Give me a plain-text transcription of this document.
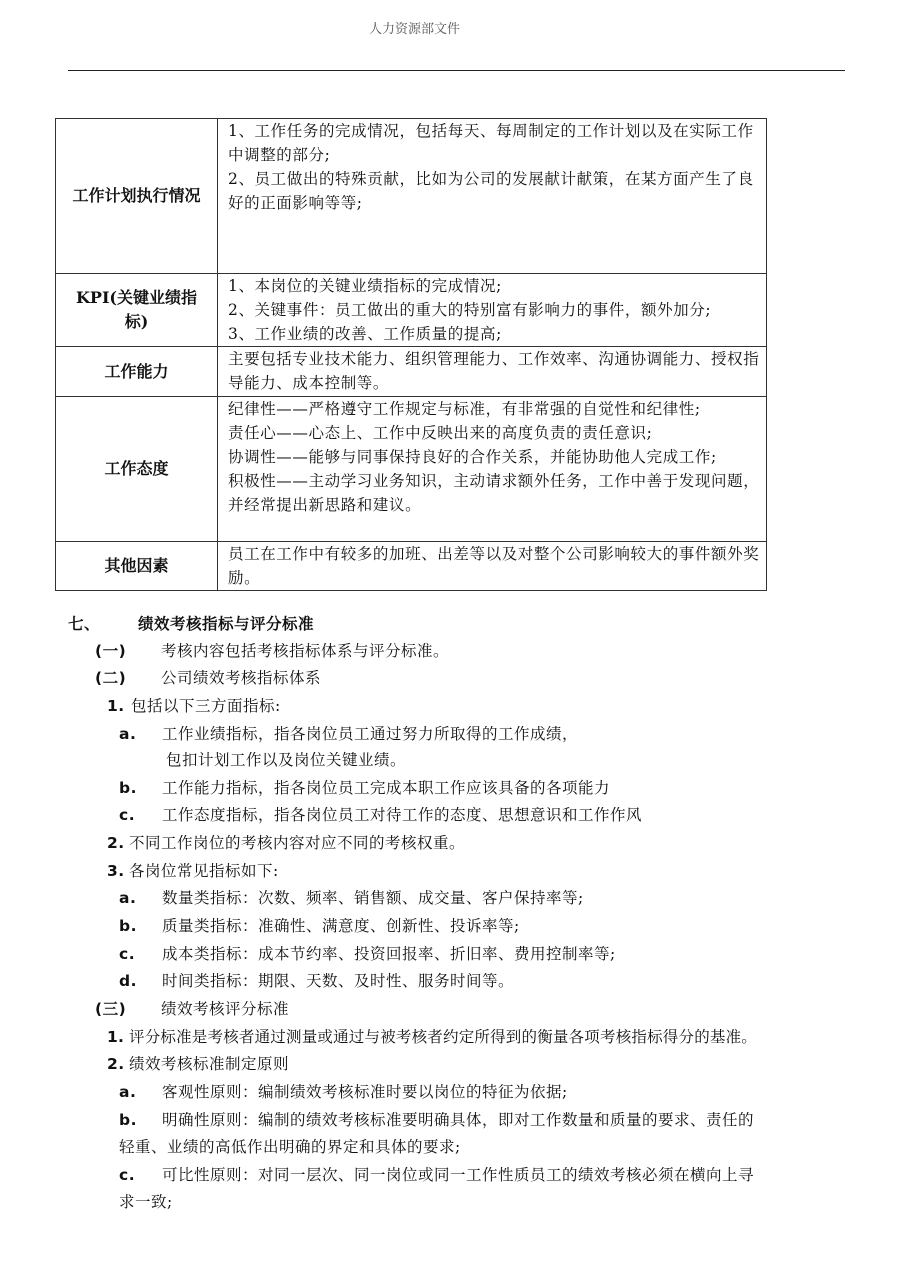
人力资源部文件
工作计划执行情况	1、工作任务的完成情况，包括每天、每周制定的工作计划以及在实际工作中调整的部分;
2、员工做出的特殊贡献，比如为公司的发展献计献策，在某方面产生了良好的正面影响等等;

KPI(关键业绩指标)	1、本岗位的关键业绩指标的完成情况;
2、关键事件：员工做出的重大的特别富有影响力的事件，额外加分;
3、工作业绩的改善、工作质量的提高;

工作能力	主要包括专业技术能力、组织管理能力、工作效率、沟通协调能力、授权指导能力、成本控制等。

工作态度	纪律性——严格遵守工作规定与标准，有非常强的自觉性和纪律性;
责任心——心态上、工作中反映出来的高度负责的责任意识;
协调性——能够与同事保持良好的合作关系，并能协助他人完成工作;
积极性——主动学习业务知识，主动请求额外任务，工作中善于发现问题，并经常提出新思路和建议。

其他因素	员工在工作中有较多的加班、出差等以及对整个公司影响较大的事件额外奖励。
七、 绩效考核指标与评分标准
(一) 考核内容包括考核指标体系与评分标准。
(二) 公司绩效考核指标体系
1. 包括以下三方面指标:
a. 工作业绩指标，指各岗位员工通过努力所取得的工作成绩，
包扣计划工作以及岗位关键业绩。
b. 工作能力指标，指各岗位员工完成本职工作应该具备的各项能力
c. 工作态度指标，指各岗位员工对待工作的态度、思想意识和工作作风
2. 不同工作岗位的考核内容对应不同的考核权重。
3. 各岗位常见指标如下:
a. 数量类指标：次数、频率、销售额、成交量、客户保持率等;
b. 质量类指标：准确性、满意度、创新性、投诉率等;
c. 成本类指标：成本节约率、投资回报率、折旧率、费用控制率等;
d. 时间类指标：期限、天数、及时性、服务时间等。
(三) 绩效考核评分标准
1. 评分标准是考核者通过测量或通过与被考核者约定所得到的衡量各项考核指标得分的基准。
2. 绩效考核标准制定原则
a. 客观性原则：编制绩效考核标准时要以岗位的特征为依据;
b. 明确性原则：编制的绩效考核标准要明确具体，即对工作数量和质量的要求、责任的
轻重、业绩的高低作出明确的界定和具体的要求;
c. 可比性原则：对同一层次、同一岗位或同一工作性质员工的绩效考核必须在横向上寻
求一致;
